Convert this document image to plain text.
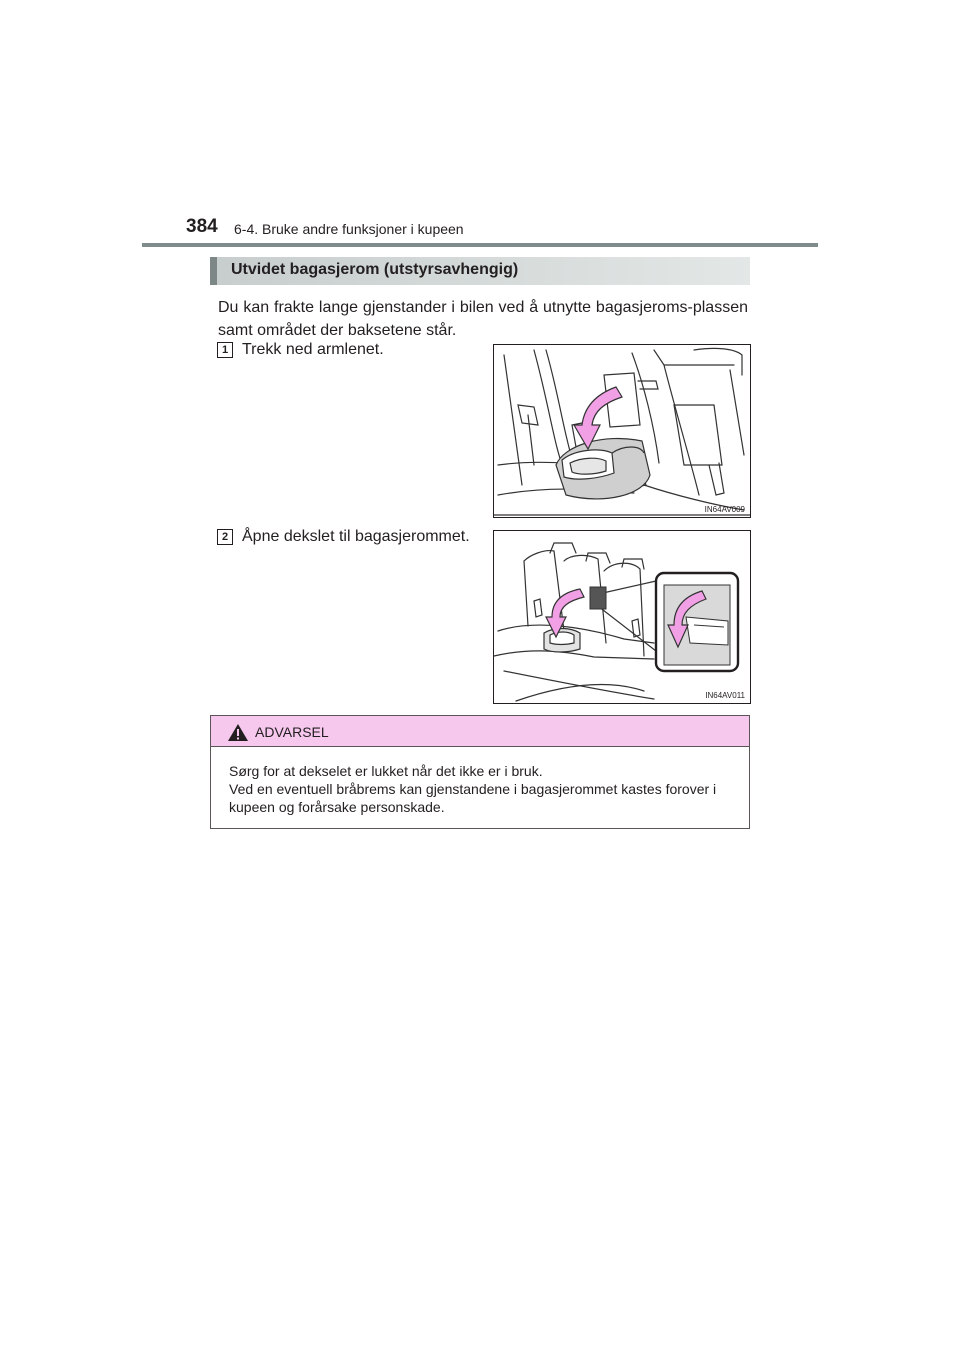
384 6-4. Bruke andre funksjoner i kupeen
Utvidet bagasjerom (utstyrsavhengig)
Du kan frakte lange gjenstander i bilen ved å utnytte bagasjeroms-plassen samt området der baksetene står.
1 Trekk ned armlenet.
IN64AV009
2 Åpne dekslet til bagasjerommet.
IN64AV011
ADVARSEL

Sørg for at dekselet er lukket når det ikke er i bruk.

Ved en eventuell bråbrems kan gjenstandene i bagasjerommet kastes forover i kupeen og forårsake personskade.
